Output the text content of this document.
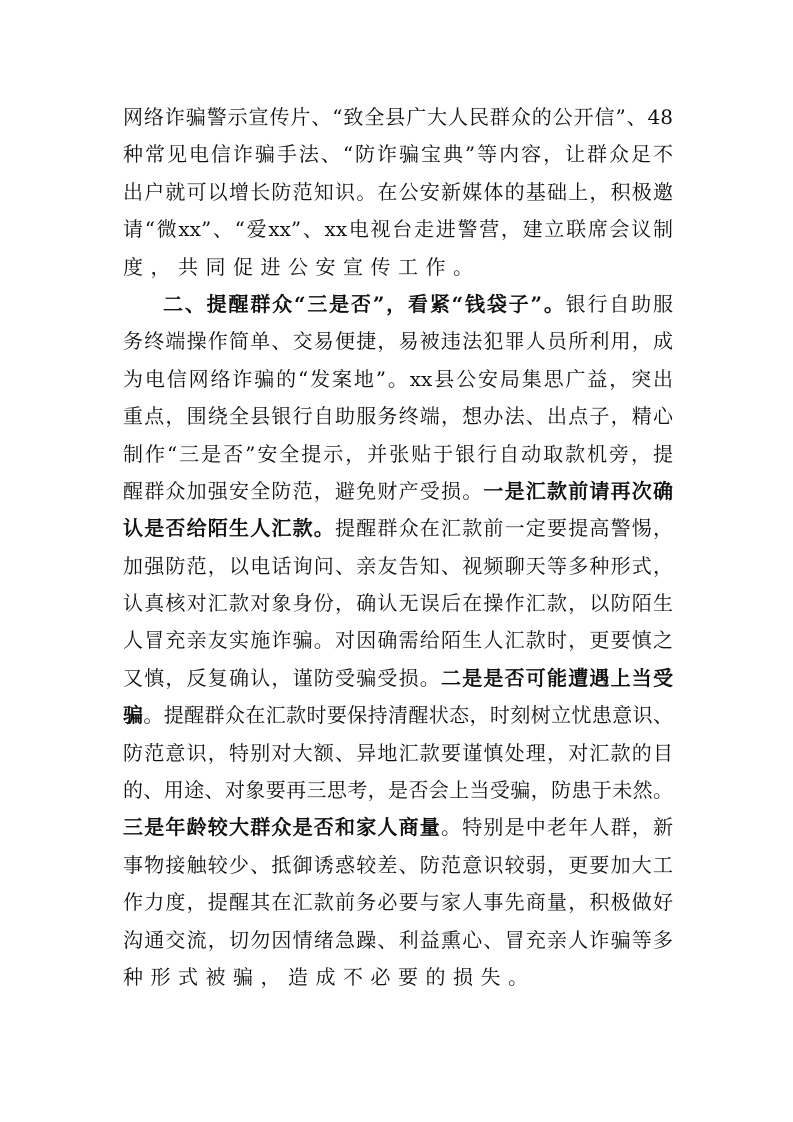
网络诈骗警示宣传片、“致全县广大人民群众的公开信”、48
种常见电信诈骗手法、“防诈骗宝典”等内容，让群众足不
出户就可以增长防范知识。在公安新媒体的基础上，积极邀
请“微xx”、“爱xx”、xx电视台走进警营，建立联席会议制
度，共同促进公安宣传工作。
二、提醒群众“三是否”，看紧“钱袋子”。银行自助服
务终端操作简单、交易便捷，易被违法犯罪人员所利用，成
为电信网络诈骗的“发案地”。xx县公安局集思广益，突出
重点，围绕全县银行自助服务终端，想办法、出点子，精心
制作“三是否”安全提示，并张贴于银行自动取款机旁，提
醒群众加强安全防范，避免财产受损。一是汇款前请再次确
认是否给陌生人汇款。提醒群众在汇款前一定要提高警惕，
加强防范，以电话询问、亲友告知、视频聊天等多种形式，
认真核对汇款对象身份，确认无误后在操作汇款，以防陌生
人冒充亲友实施诈骗。对因确需给陌生人汇款时，更要慎之
又慎，反复确认，谨防受骗受损。二是是否可能遭遇上当受
骗。提醒群众在汇款时要保持清醒状态，时刻树立忧患意识、
防范意识，特别对大额、异地汇款要谨慎处理，对汇款的目
的、用途、对象要再三思考，是否会上当受骗，防患于未然。
三是年龄较大群众是否和家人商量。特别是中老年人群，新
事物接触较少、抵御诱惑较差、防范意识较弱，更要加大工
作力度，提醒其在汇款前务必要与家人事先商量，积极做好
沟通交流，切勿因情绪急躁、利益熏心、冒充亲人诈骗等多
种形式被骗，造成不必要的损失。
